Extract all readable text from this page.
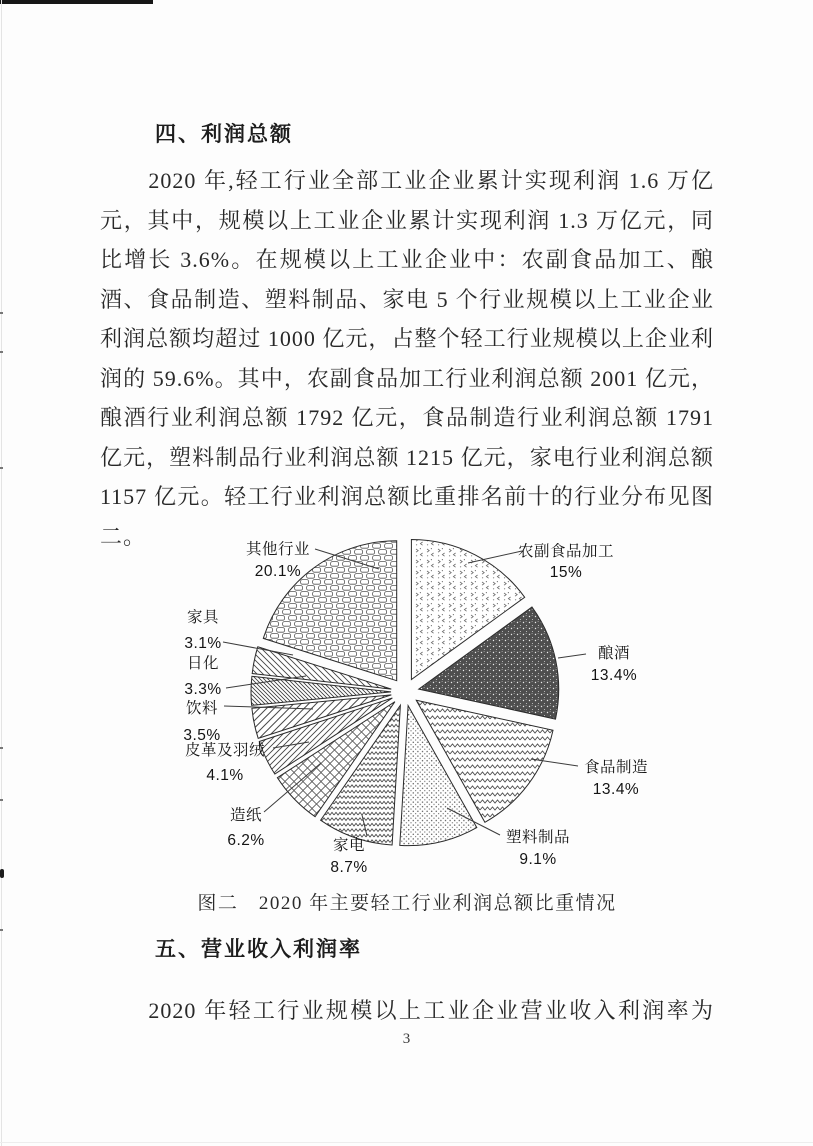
四、利润总额
2020 年,轻工行业全部工业企业累计实现利润 1.6 万亿元，其中，规模以上工业企业累计实现利润 1.3 万亿元，同比增长 3.6%。在规模以上工业企业中：农副食品加工、酿酒、食品制造、塑料制品、家电 5 个行业规模以上工业企业利润总额均超过 1000 亿元，占整个轻工行业规模以上企业利润的 59.6%。其中，农副食品加工行业利润总额 2001 亿元，酿酒行业利润总额 1792 亿元，食品制造行业利润总额 1791 亿元，塑料制品行业利润总额 1215 亿元，家电行业利润总额 1157 亿元。轻工行业利润总额比重排名前十的行业分布见图二。
农副食品加工
15%
酿酒
13.4%
食品制造
13.4%
塑料制品
9.1%
家电
8.7%
造纸
6.2%
皮革及羽绒
4.1%
饮料
3.5%
日化
3.3%
家具
3.1%
其他行业
20.1%
图二　2020 年主要轻工行业利润总额比重情况
五、营业收入利润率
2020 年轻工行业规模以上工业企业营业收入利润率为
3
